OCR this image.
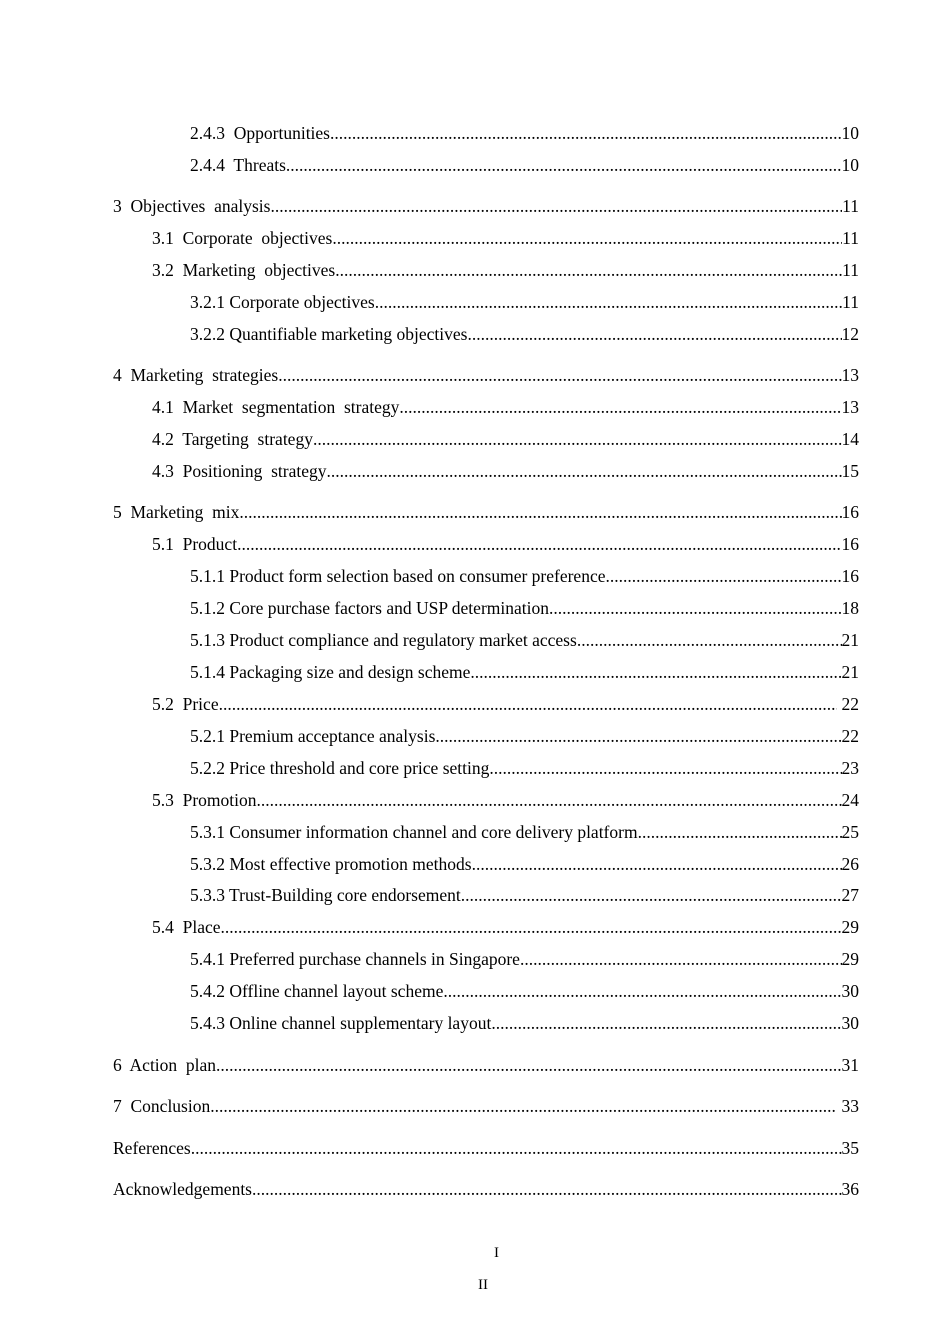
2.4.3  Opportunities .....	10
2.4.4  Threats .....	10
3  Objectives  analysis .....	11
3.1  Corporate  objectives .....	11
3.2  Marketing  objectives .....	11
3.2.1 Corporate objectives .....	11
3.2.2 Quantifiable marketing objectives .....	12
4  Marketing  strategies .....	13
4.1  Market  segmentation  strategy .....	13
4.2  Targeting  strategy .....	14
4.3  Positioning  strategy .....	15
5  Marketing  mix .....	16
5.1  Product .....	16
5.1.1 Product form selection based on consumer preference .....	16
5.1.2 Core purchase factors and USP determination .....	18
5.1.3 Product compliance and regulatory market access .....	21
5.1.4 Packaging size and design scheme .....	21
5.2  Price .....	22
5.2.1 Premium acceptance analysis .....	22
5.2.2 Price threshold and core price setting .....	23
5.3  Promotion .....	24
5.3.1 Consumer information channel and core delivery platform .....	25
5.3.2 Most effective promotion methods .....	26
5.3.3 Trust-Building core endorsement .....	27
5.4  Place .....	29
5.4.1 Preferred purchase channels in Singapore .....	29
5.4.2 Offline channel layout scheme .....	30
5.4.3 Online channel supplementary layout .....	30
6  Action  plan .....	31
7  Conclusion .....	33
References .....	35
Acknowledgements .....	36
I
II
